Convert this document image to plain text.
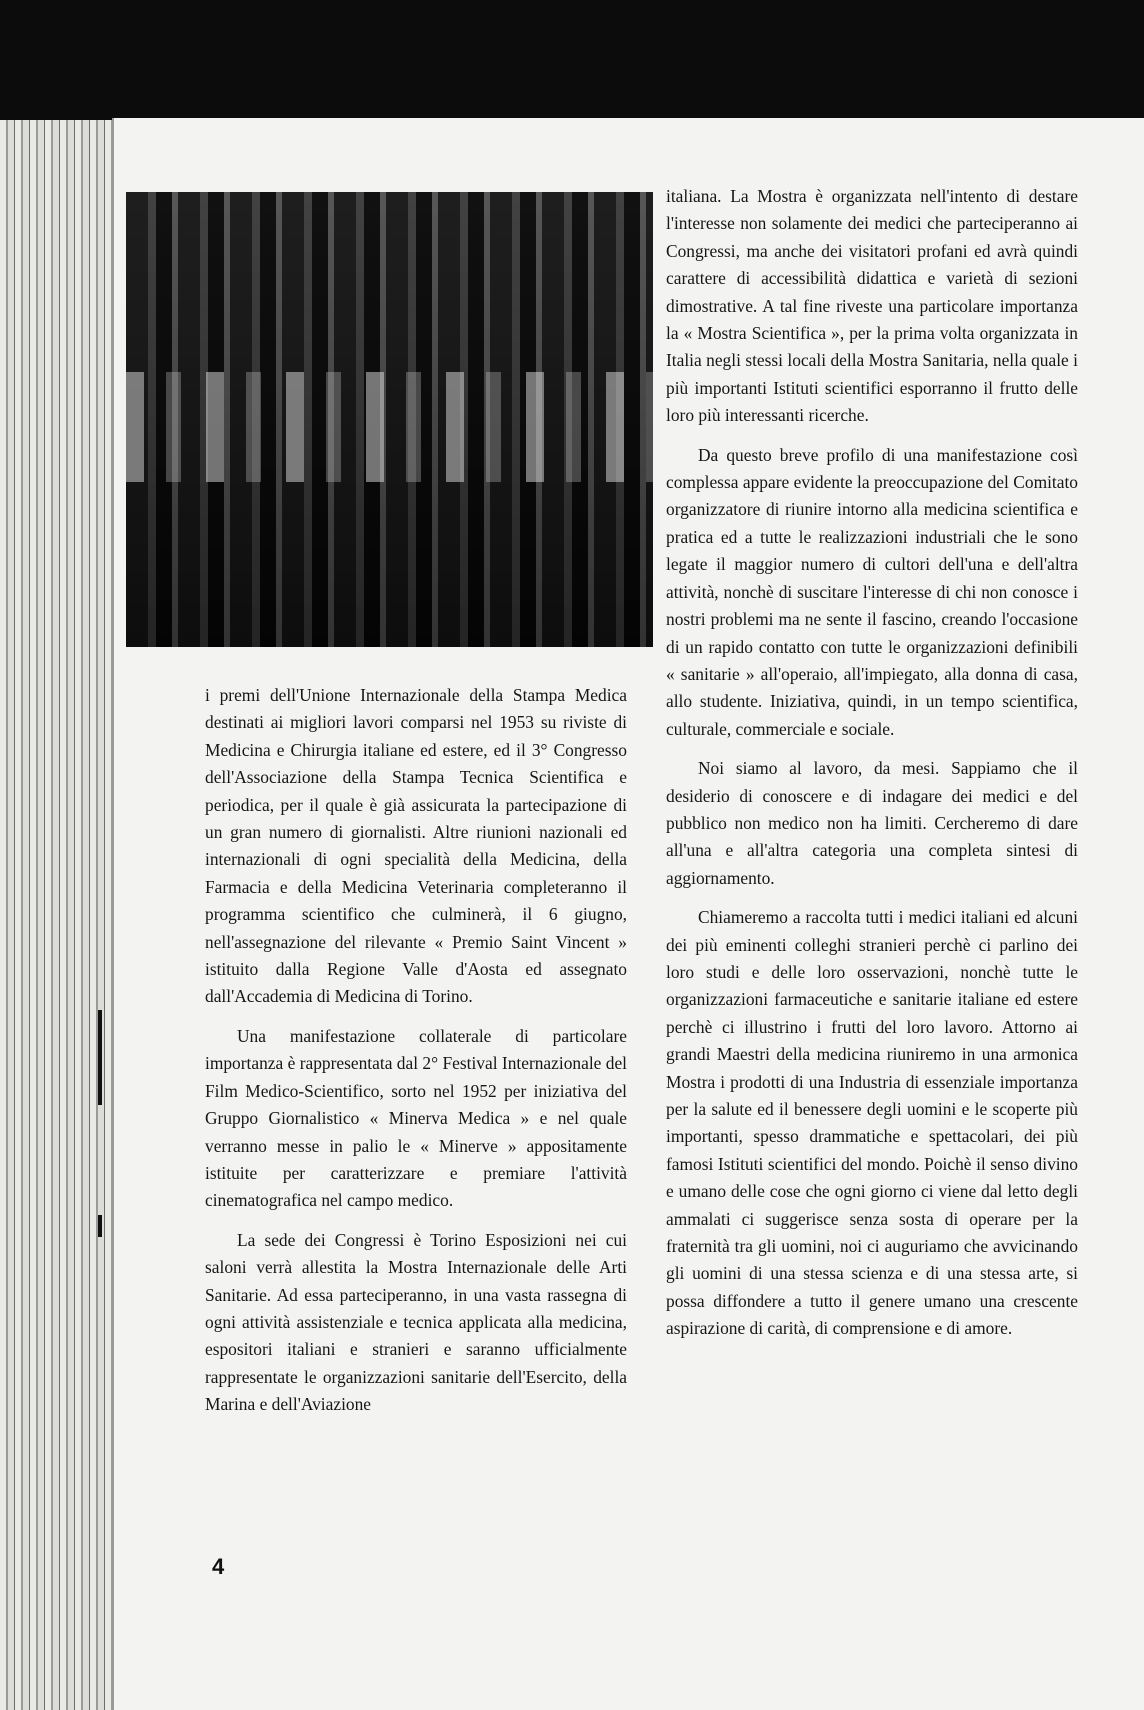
i premi dell'Unione Internazionale della Stampa Medica destinati ai migliori lavori comparsi nel 1953 su riviste di Medicina e Chirurgia italiane ed estere, ed il 3° Congresso dell'Associazione della Stampa Tecnica Scientifica e periodica, per il quale è già assicurata la partecipazione di un gran numero di giornalisti. Altre riunioni nazionali ed internazionali di ogni specialità della Medicina, della Farmacia e della Medicina Veterinaria completeranno il programma scientifico che culminerà, il 6 giugno, nell'assegnazione del rilevante « Premio Saint Vincent » istituito dalla Regione Valle d'Aosta ed assegnato dall'Accademia di Medicina di Torino.

Una manifestazione collaterale di particolare importanza è rappresentata dal 2° Festival Internazionale del Film Medico-Scientifico, sorto nel 1952 per iniziativa del Gruppo Giornalistico « Minerva Medica » e nel quale verranno messe in palio le « Minerve » appositamente istituite per caratterizzare e premiare l'attività cinematografica nel campo medico.

La sede dei Congressi è Torino Esposizioni nei cui saloni verrà allestita la Mostra Internazionale delle Arti Sanitarie. Ad essa parteciperanno, in una vasta rassegna di ogni attività assistenziale e tecnica applicata alla medicina, espositori italiani e stranieri e saranno ufficialmente rappresentate le organizzazioni sanitarie dell'Esercito, della Marina e dell'Aviazione

italiana. La Mostra è organizzata nell'intento di destare l'interesse non solamente dei medici che parteciperanno ai Congressi, ma anche dei visitatori profani ed avrà quindi carattere di accessibilità didattica e varietà di sezioni dimostrative. A tal fine riveste una particolare importanza la « Mostra Scientifica », per la prima volta organizzata in Italia negli stessi locali della Mostra Sanitaria, nella quale i più importanti Istituti scientifici esporranno il frutto delle loro più interessanti ricerche.

Da questo breve profilo di una manifestazione così complessa appare evidente la preoccupazione del Comitato organizzatore di riunire intorno alla medicina scientifica e pratica ed a tutte le realizzazioni industriali che le sono legate il maggior numero di cultori dell'una e dell'altra attività, nonchè di suscitare l'interesse di chi non conosce i nostri problemi ma ne sente il fascino, creando l'occasione di un rapido contatto con tutte le organizzazioni definibili « sanitarie » all'operaio, all'impiegato, alla donna di casa, allo studente. Iniziativa, quindi, in un tempo scientifica, culturale, commerciale e sociale.

Noi siamo al lavoro, da mesi. Sappiamo che il desiderio di conoscere e di indagare dei medici e del pubblico non medico non ha limiti. Cercheremo di dare all'una e all'altra categoria una completa sintesi di aggiornamento.

Chiameremo a raccolta tutti i medici italiani ed alcuni dei più eminenti colleghi stranieri perchè ci parlino dei loro studi e delle loro osservazioni, nonchè tutte le organizzazioni farmaceutiche e sanitarie italiane ed estere perchè ci illustrino i frutti del loro lavoro. Attorno ai grandi Maestri della medicina riuniremo in una armonica Mostra i prodotti di una Industria di essenziale importanza per la salute ed il benessere degli uomini e le scoperte più importanti, spesso drammatiche e spettacolari, dei più famosi Istituti scientifici del mondo. Poichè il senso divino e umano delle cose che ogni giorno ci viene dal letto degli ammalati ci suggerisce senza sosta di operare per la fraternità tra gli uomini, noi ci auguriamo che avvicinando gli uomini di una stessa scienza e di una stessa arte, si possa diffondere a tutto il genere umano una crescente aspirazione di carità, di comprensione e di amore.

4
